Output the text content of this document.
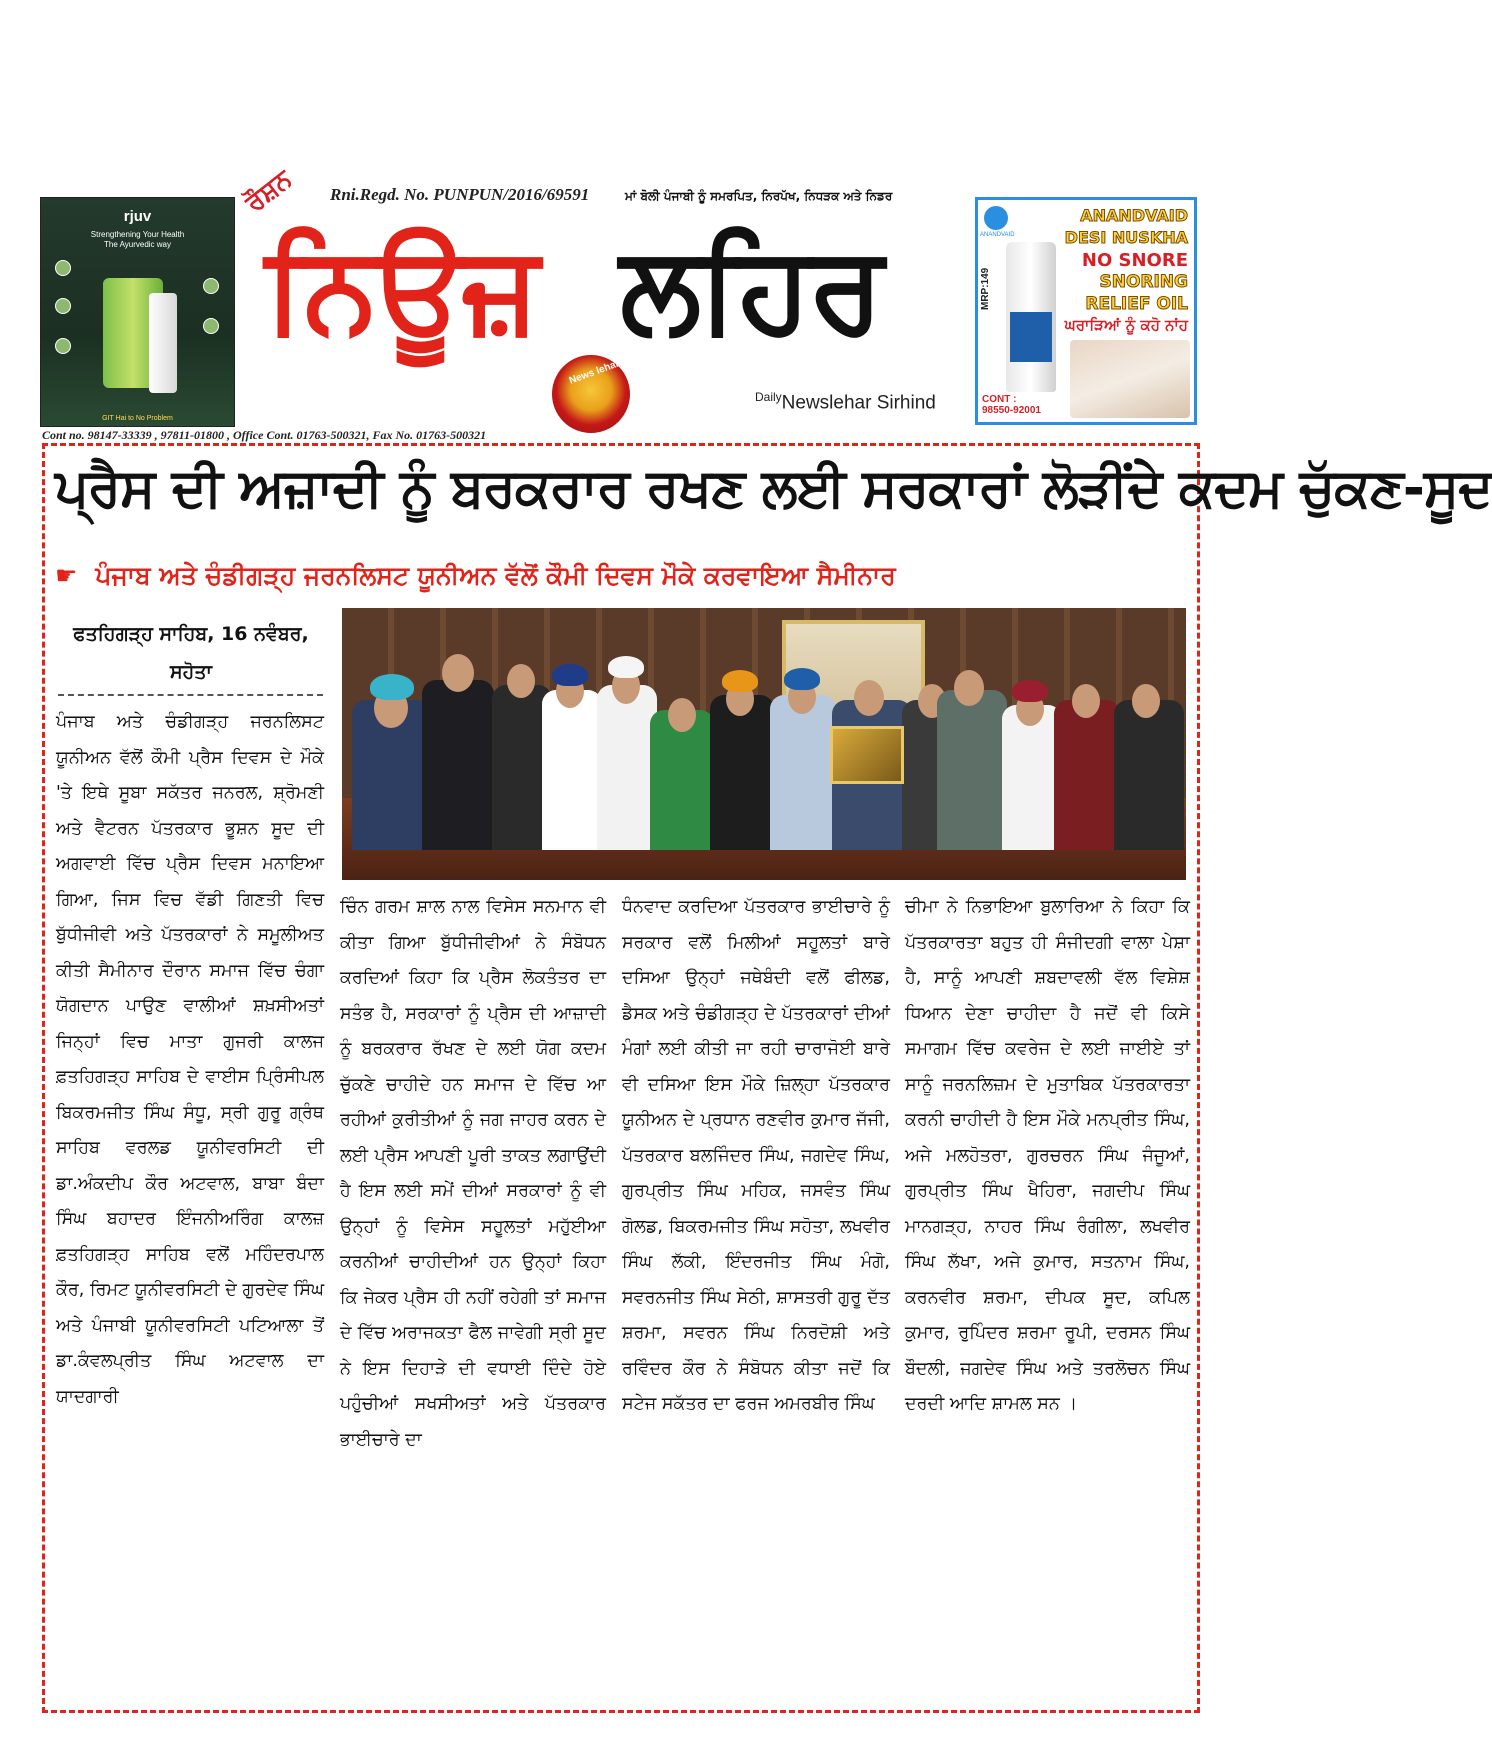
rjuv
Strengthening Your Health
The Ayurvedic way
GIT Hai to No Problem
Rni.Regd. No. PUNPUN/2016/69591
ਰੌਸ਼ਨ	ਮਾਂ ਬੋਲੀ ਪੰਜਾਬੀ ਨੂੰ ਸਮਰਪਿਤ, ਨਿਰਪੱਖ, ਨਿਧੜਕ ਅਤੇ ਨਿਡਰ
ਨਿਊਜ਼ ਲਹਿਰ
News lehar
$^{Daily}$Newslehar Sirhind
Cont no. 98147-33339 , 97811-01800 , Office Cont. 01763-500321, Fax No. 01763-500321
ANANDVAID
MRP:149
ANANDVAID
DESI NUSKHA
NO SNORE
SNORING
RELIEF OIL
ਘਰਾੜਿਆਂ ਨੂੰ ਕਹੋ ਨਾਂਹ
CONT :
98550-92001
ਪ੍ਰੈਸ ਦੀ ਅਜ਼ਾਦੀ ਨੂੰ ਬਰਕਰਾਰ ਰਖਣ ਲਈ ਸਰਕਾਰਾਂ ਲੋੜੀਂਦੇ ਕਦਮ ਚੁੱਕਣ-ਸੂਦ
☛ ਪੰਜਾਬ ਅਤੇ ਚੰਡੀਗੜ੍ਹ ਜਰਨਲਿਸਟ ਯੂਨੀਅਨ ਵੱਲੋਂ ਕੌਮੀ ਦਿਵਸ ਮੌਕੇ ਕਰਵਾਇਆ ਸੈਮੀਨਾਰ
ਫਤਹਿਗੜ੍ਹ ਸਾਹਿਬ, 16 ਨਵੰਬਰ,
ਸਹੋਤਾ

ਪੰਜਾਬ ਅਤੇ ਚੰਡੀਗੜ੍ਹ ਜਰਨਲਿਸਟ ਯੂਨੀਅਨ ਵੱਲੋਂ ਕੌਮੀ ਪ੍ਰੈਸ ਦਿਵਸ ਦੇ ਮੌਕੇ 'ਤੇ ਇਥੇ ਸੂਬਾ ਸਕੱਤਰ ਜਨਰਲ, ਸ਼੍ਰੋਮਣੀ ਅਤੇ ਵੈਟਰਨ ਪੱਤਰਕਾਰ ਭੂਸ਼ਨ ਸੂਦ ਦੀ ਅਗਵਾਈ ਵਿੱਚ ਪ੍ਰੈਸ ਦਿਵਸ ਮਨਾਇਆ ਗਿਆ, ਜਿਸ ਵਿਚ ਵੱਡੀ ਗਿਣਤੀ ਵਿਚ ਬੁੱਧੀਜੀਵੀ ਅਤੇ ਪੱਤਰਕਾਰਾਂ ਨੇ ਸਮੂਲੀਅਤ ਕੀਤੀ ਸੈਮੀਨਾਰ ਦੌਰਾਨ ਸਮਾਜ ਵਿੱਚ ਚੰਗਾ ਯੋਗਦਾਨ ਪਾਉਣ ਵਾਲੀਆਂ ਸ਼ਖ਼ਸੀਅਤਾਂ ਜਿਨ੍ਹਾਂ ਵਿਚ ਮਾਤਾ ਗੁਜਰੀ ਕਾਲਜ ਫ਼ਤਹਿਗੜ੍ਹ ਸਾਹਿਬ ਦੇ ਵਾਈਸ ਪ੍ਰਿੰਸੀਪਲ ਬਿਕਰਮਜੀਤ ਸਿੰਘ ਸੰਧੂ, ਸ੍ਰੀ ਗੁਰੂ ਗ੍ਰੰਥ ਸਾਹਿਬ ਵਰਲਡ ਯੂਨੀਵਰਸਿਟੀ ਦੀ ਡਾ.ਅੰਕਦੀਪ ਕੌਰ ਅਟਵਾਲ, ਬਾਬਾ ਬੰਦਾ ਸਿੰਘ ਬਹਾਦਰ ਇੰਜਨੀਅਰਿੰਗ ਕਾਲਜ਼ ਫ਼ਤਹਿਗੜ੍ਹ ਸਾਹਿਬ ਵਲੋਂ ਮਹਿੰਦਰਪਾਲ ਕੌਰ, ਰਿਮਟ ਯੂਨੀਵਰਸਿਟੀ ਦੇ ਗੁਰਦੇਵ ਸਿੰਘ ਅਤੇ ਪੰਜਾਬੀ ਯੂਨੀਵਰਸਿਟੀ ਪਟਿਆਲਾ ਤੋਂ ਡਾ.ਕੰਵਲਪ੍ਰੀਤ ਸਿੰਘ ਅਟਵਾਲ ਦਾ ਯਾਦਗਾਰੀ

ਚਿੰਨ ਗਰਮ ਸ਼ਾਲ ਨਾਲ ਵਿਸੇਸ ਸਨਮਾਨ ਵੀ ਕੀਤਾ ਗਿਆ ਬੁੱਧੀਜੀਵੀਆਂ ਨੇ ਸੰਬੋਧਨ ਕਰਦਿਆਂ ਕਿਹਾ ਕਿ ਪ੍ਰੈਸ ਲੋਕਤੰਤਰ ਦਾ ਸਤੰਭ ਹੈ, ਸਰਕਾਰਾਂ ਨੂੰ ਪ੍ਰੈਸ ਦੀ ਆਜ਼ਾਦੀ ਨੂੰ ਬਰਕਰਾਰ ਰੱਖਣ ਦੇ ਲਈ ਯੋਗ ਕਦਮ ਚੁੱਕਣੇ ਚਾਹੀਦੇ ਹਨ ਸਮਾਜ ਦੇ ਵਿੱਚ ਆ ਰਹੀਆਂ ਕੁਰੀਤੀਆਂ ਨੂੰ ਜਗ ਜਾਹਰ ਕਰਨ ਦੇ ਲਈ ਪ੍ਰੈਸ ਆਪਣੀ ਪੂਰੀ ਤਾਕਤ ਲਗਾਉਂਦੀ ਹੈ ਇਸ ਲਈ ਸਮੇਂ ਦੀਆਂ ਸਰਕਾਰਾਂ ਨੂੰ ਵੀ ਉਨ੍ਹਾਂ ਨੂੰ ਵਿਸੇਸ ਸਹੂਲਤਾਂ ਮਹੁੱਈਆ ਕਰਨੀਆਂ ਚਾਹੀਦੀਆਂ ਹਨ ਉਨ੍ਹਾਂ ਕਿਹਾ ਕਿ ਜੇਕਰ ਪ੍ਰੈਸ ਹੀ ਨਹੀਂ ਰਹੇਗੀ ਤਾਂ ਸਮਾਜ ਦੇ ਵਿੱਚ ਅਰਾਜਕਤਾ ਫੈਲ ਜਾਵੇਗੀ ਸ੍ਰੀ ਸੂਦ ਨੇ ਇਸ ਦਿਹਾੜੇ ਦੀ ਵਧਾਈ ਦਿੰਦੇ ਹੋਏ ਪਹੁੰਚੀਆਂ ਸਖਸੀਅਤਾਂ ਅਤੇ ਪੱਤਰਕਾਰ ਭਾਈਚਾਰੇ ਦਾ

ਧੰਨਵਾਦ ਕਰਦਿਆ ਪੱਤਰਕਾਰ ਭਾਈਚਾਰੇ ਨੂੰ ਸਰਕਾਰ ਵਲੋਂ ਮਿਲੀਆਂ ਸਹੂਲਤਾਂ ਬਾਰੇ ਦਸਿਆ ਉਨ੍ਹਾਂ ਜਥੇਬੰਦੀ ਵਲੋਂ ਫੀਲਡ, ਡੈਸਕ ਅਤੇ ਚੰਡੀਗੜ੍ਹ ਦੇ ਪੱਤਰਕਾਰਾਂ ਦੀਆਂ ਮੰਗਾਂ ਲਈ ਕੀਤੀ ਜਾ ਰਹੀ ਚਾਰਾਜੋਈ ਬਾਰੇ ਵੀ ਦਸਿਆ ਇਸ ਮੌਕੇ ਜ਼ਿਲ੍ਹਾ ਪੱਤਰਕਾਰ ਯੂਨੀਅਨ ਦੇ ਪ੍ਰਧਾਨ ਰਣਵੀਰ ਕੁਮਾਰ ਜੱਜੀ, ਪੱਤਰਕਾਰ ਬਲਜਿੰਦਰ ਸਿੰਘ, ਜਗਦੇਵ ਸਿੰਘ, ਗੁਰਪ੍ਰੀਤ ਸਿੰਘ ਮਹਿਕ, ਜਸਵੰਤ ਸਿੰਘ ਗੋਲਡ, ਬਿਕਰਮਜੀਤ ਸਿੰਘ ਸਹੋਤਾ, ਲਖਵੀਰ ਸਿੰਘ ਲੱਕੀ, ਇੰਦਰਜੀਤ ਸਿੰਘ ਮੰਗੋ, ਸਵਰਨਜੀਤ ਸਿੰਘ ਸੇਠੀ, ਸ਼ਾਸਤਰੀ ਗੁਰੂ ਦੱਤ ਸ਼ਰਮਾ, ਸਵਰਨ ਸਿੰਘ ਨਿਰਦੋਸ਼ੀ ਅਤੇ ਰਵਿੰਦਰ ਕੌਰ ਨੇ ਸੰਬੋਧਨ ਕੀਤਾ ਜਦੋਂ ਕਿ ਸਟੇਜ ਸਕੱਤਰ ਦਾ ਫਰਜ ਅਮਰਬੀਰ ਸਿੰਘ

ਚੀਮਾ ਨੇ ਨਿਭਾਇਆ ਬੁਲਾਰਿਆ ਨੇ ਕਿਹਾ ਕਿ ਪੱਤਰਕਾਰਤਾ ਬਹੁਤ ਹੀ ਸੰਜੀਦਗੀ ਵਾਲਾ ਪੇਸ਼ਾ ਹੈ, ਸਾਨੂੰ ਆਪਣੀ ਸ਼ਬਦਾਵਲੀ ਵੱਲ ਵਿਸ਼ੇਸ਼ ਧਿਆਨ ਦੇਣਾ ਚਾਹੀਦਾ ਹੈ ਜਦੋਂ ਵੀ ਕਿਸੇ ਸਮਾਗਮ ਵਿੱਚ ਕਵਰੇਜ ਦੇ ਲਈ ਜਾਈਏ ਤਾਂ ਸਾਨੂੰ ਜਰਨਲਿਜ਼ਮ ਦੇ ਮੁਤਾਬਿਕ ਪੱਤਰਕਾਰਤਾ ਕਰਨੀ ਚਾਹੀਦੀ ਹੈ ਇਸ ਮੌਕੇ ਮਨਪ੍ਰੀਤ ਸਿੰਘ, ਅਜੇ ਮਲਹੋਤਰਾ, ਗੁਰਚਰਨ ਸਿੰਘ ਜੰਜੂਆਂ, ਗੁਰਪ੍ਰੀਤ ਸਿੰਘ ਖੈਹਿਰਾ, ਜਗਦੀਪ ਸਿੰਘ ਮਾਨਗੜ੍ਹ, ਨਾਹਰ ਸਿੰਘ ਰੰਗੀਲਾ, ਲਖਵੀਰ ਸਿੰਘ ਲੱਖਾ, ਅਜੇ ਕੁਮਾਰ, ਸਤਨਾਮ ਸਿੰਘ, ਕਰਨਵੀਰ ਸ਼ਰਮਾ, ਦੀਪਕ ਸੂਦ, ਕਪਿਲ ਕੁਮਾਰ, ਰੁਪਿੰਦਰ ਸ਼ਰਮਾ ਰੂਪੀ, ਦਰਸਨ ਸਿੰਘ ਬੌਦਲੀ, ਜਗਦੇਵ ਸਿੰਘ ਅਤੇ ਤਰਲੋਚਨ ਸਿੰਘ ਦਰਦੀ ਆਦਿ ਸ਼ਾਮਲ ਸਨ ।
